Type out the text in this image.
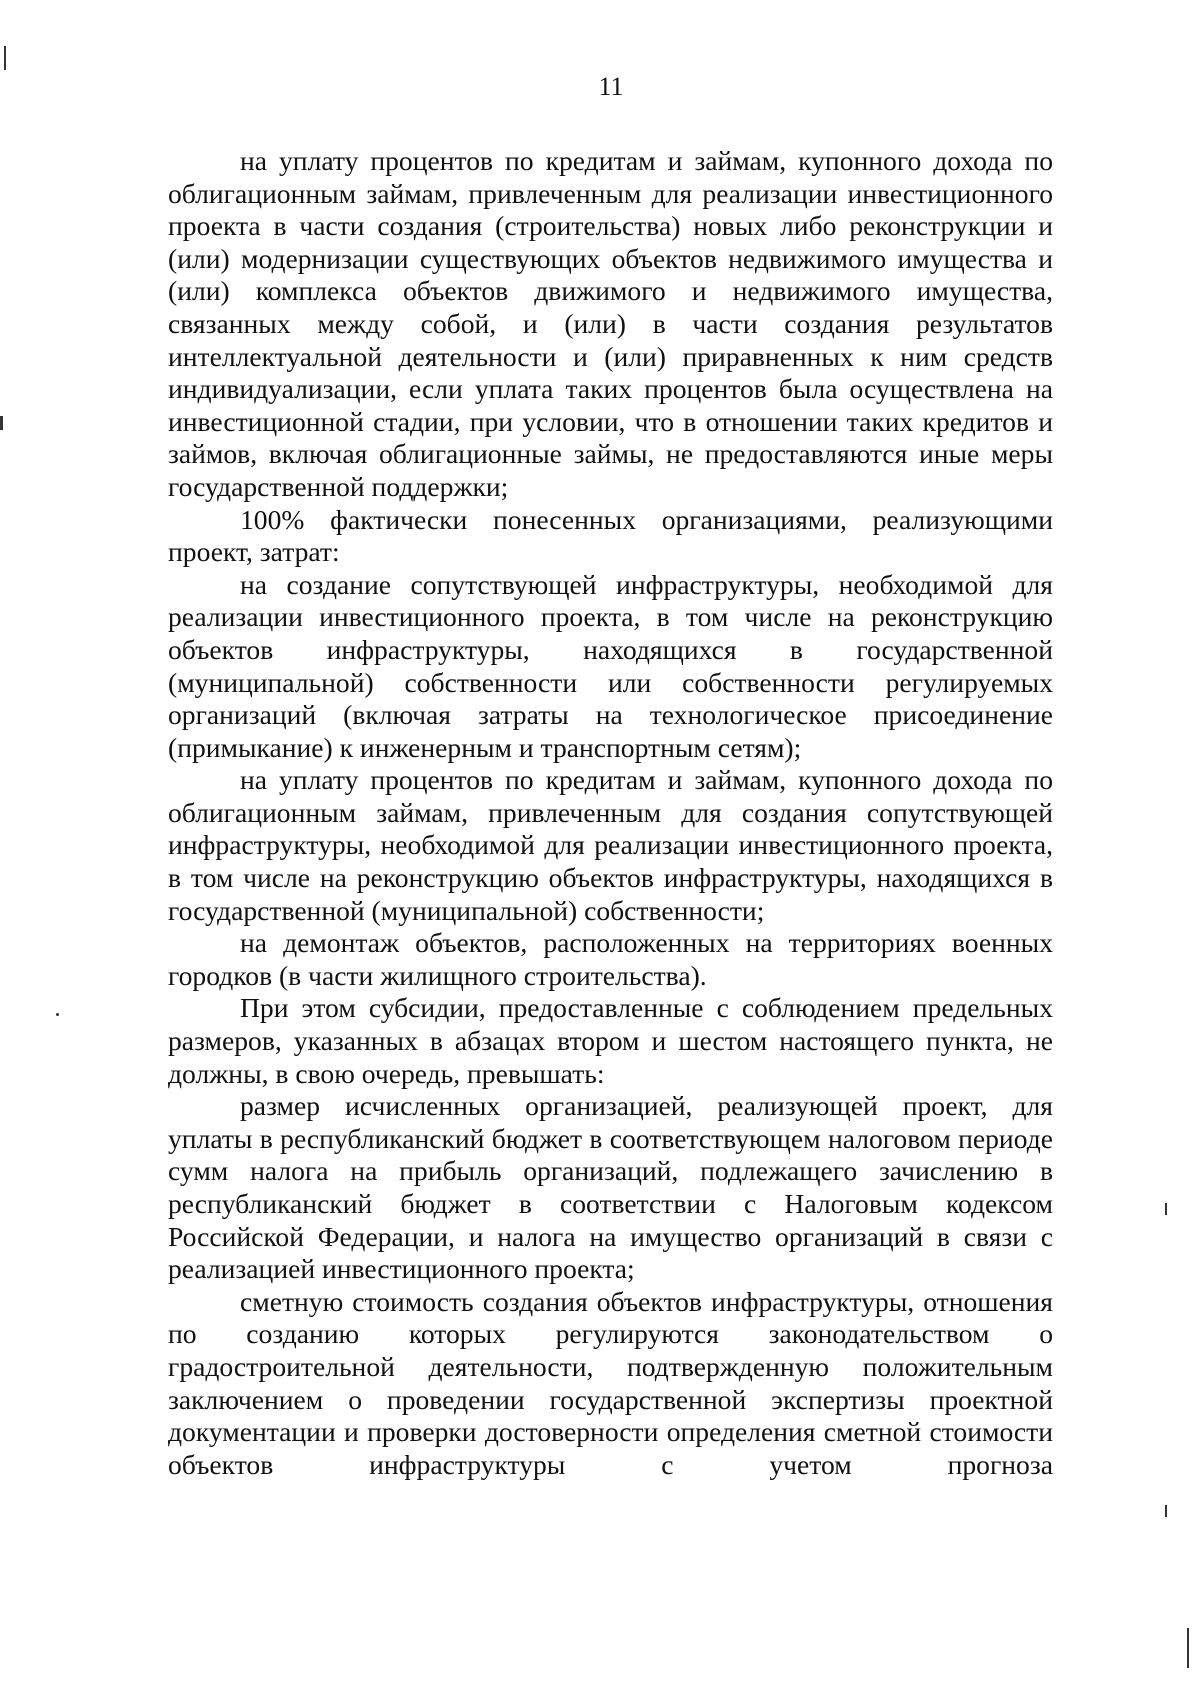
11

на уплату процентов по кредитам и займам, купонного дохода по облигационным займам, привлеченным для реализации инвестиционного проекта в части создания (строительства) новых либо реконструкции и (или) модернизации существующих объектов недвижимого имущества и (или) комплекса объектов движимого и недвижимого имущества, связанных между собой, и (или) в части создания результатов интеллектуальной деятельности и (или) приравненных к ним средств индивидуализации, если уплата таких процентов была осуществлена на инвестиционной стадии, при условии, что в отношении таких кредитов и займов, включая облигационные займы, не предоставляются иные меры государственной поддержки;

100% фактически понесенных организациями, реализующими проект, затрат:

на создание сопутствующей инфраструктуры, необходимой для реализации инвестиционного проекта, в том числе на реконструкцию объектов инфраструктуры, находящихся в государственной (муниципальной) собственности или собственности регулируемых организаций (включая затраты на технологическое присоединение (примыкание) к инженерным и транспортным сетям);

на уплату процентов по кредитам и займам, купонного дохода по облигационным займам, привлеченным для создания сопутствующей инфраструктуры, необходимой для реализации инвестиционного проекта, в том числе на реконструкцию объектов инфраструктуры, находящихся в государственной (муниципальной) собственности;

на демонтаж объектов, расположенных на территориях военных городков (в части жилищного строительства).

При этом субсидии, предоставленные с соблюдением предельных размеров, указанных в абзацах втором и шестом настоящего пункта, не должны, в свою очередь, превышать:

размер исчисленных организацией, реализующей проект, для уплаты в республиканский бюджет в соответствующем налоговом периоде сумм налога на прибыль организаций, подлежащего зачислению в республиканский бюджет в соответствии с Налоговым кодексом Российской Федерации, и налога на имущество организаций в связи с реализацией инвестиционного проекта;

сметную стоимость создания объектов инфраструктуры, отношения по созданию которых регулируются законодательством о градостроительной деятельности, подтвержденную положительным заключением о проведении государственной экспертизы проектной документации и проверки достоверности определения сметной стоимости объектов инфраструктуры с учетом прогноза
